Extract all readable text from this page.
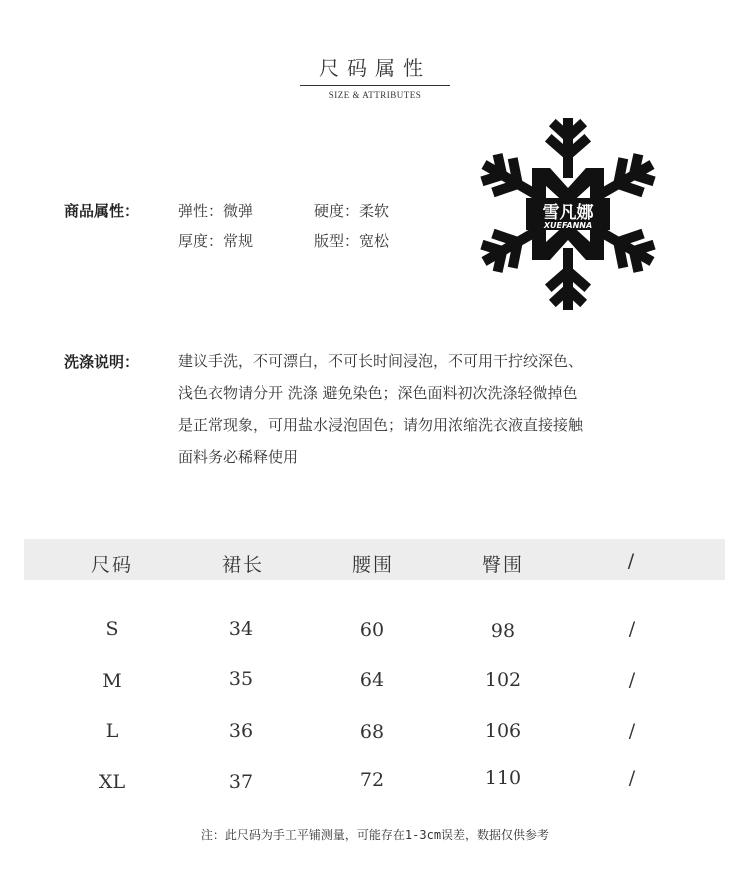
尺码属性
SIZE & ATTRIBUTES
雪凡娜
XUEFANNA
商品属性：	弹性：微弹	硬度：柔软
厚度：常规	版型：宽松
洗涤说明：	建议手洗，不可漂白，不可长时间浸泡，不可用干拧绞深色、
浅色衣物请分开 洗涤 避免染色；深色面料初次洗涤轻微掉色
是正常现象，可用盐水浸泡固色；请勿用浓缩洗衣液直接接触
面料务必稀释使用
尺码	裙长	腰围	臀围	/
S	34	60	98	/
M	35	64	102	/
L	36	68	106	/
XL	37	72	110	/
注：此尺码为手工平铺测量，可能存在1-3cm误差，数据仅供参考
